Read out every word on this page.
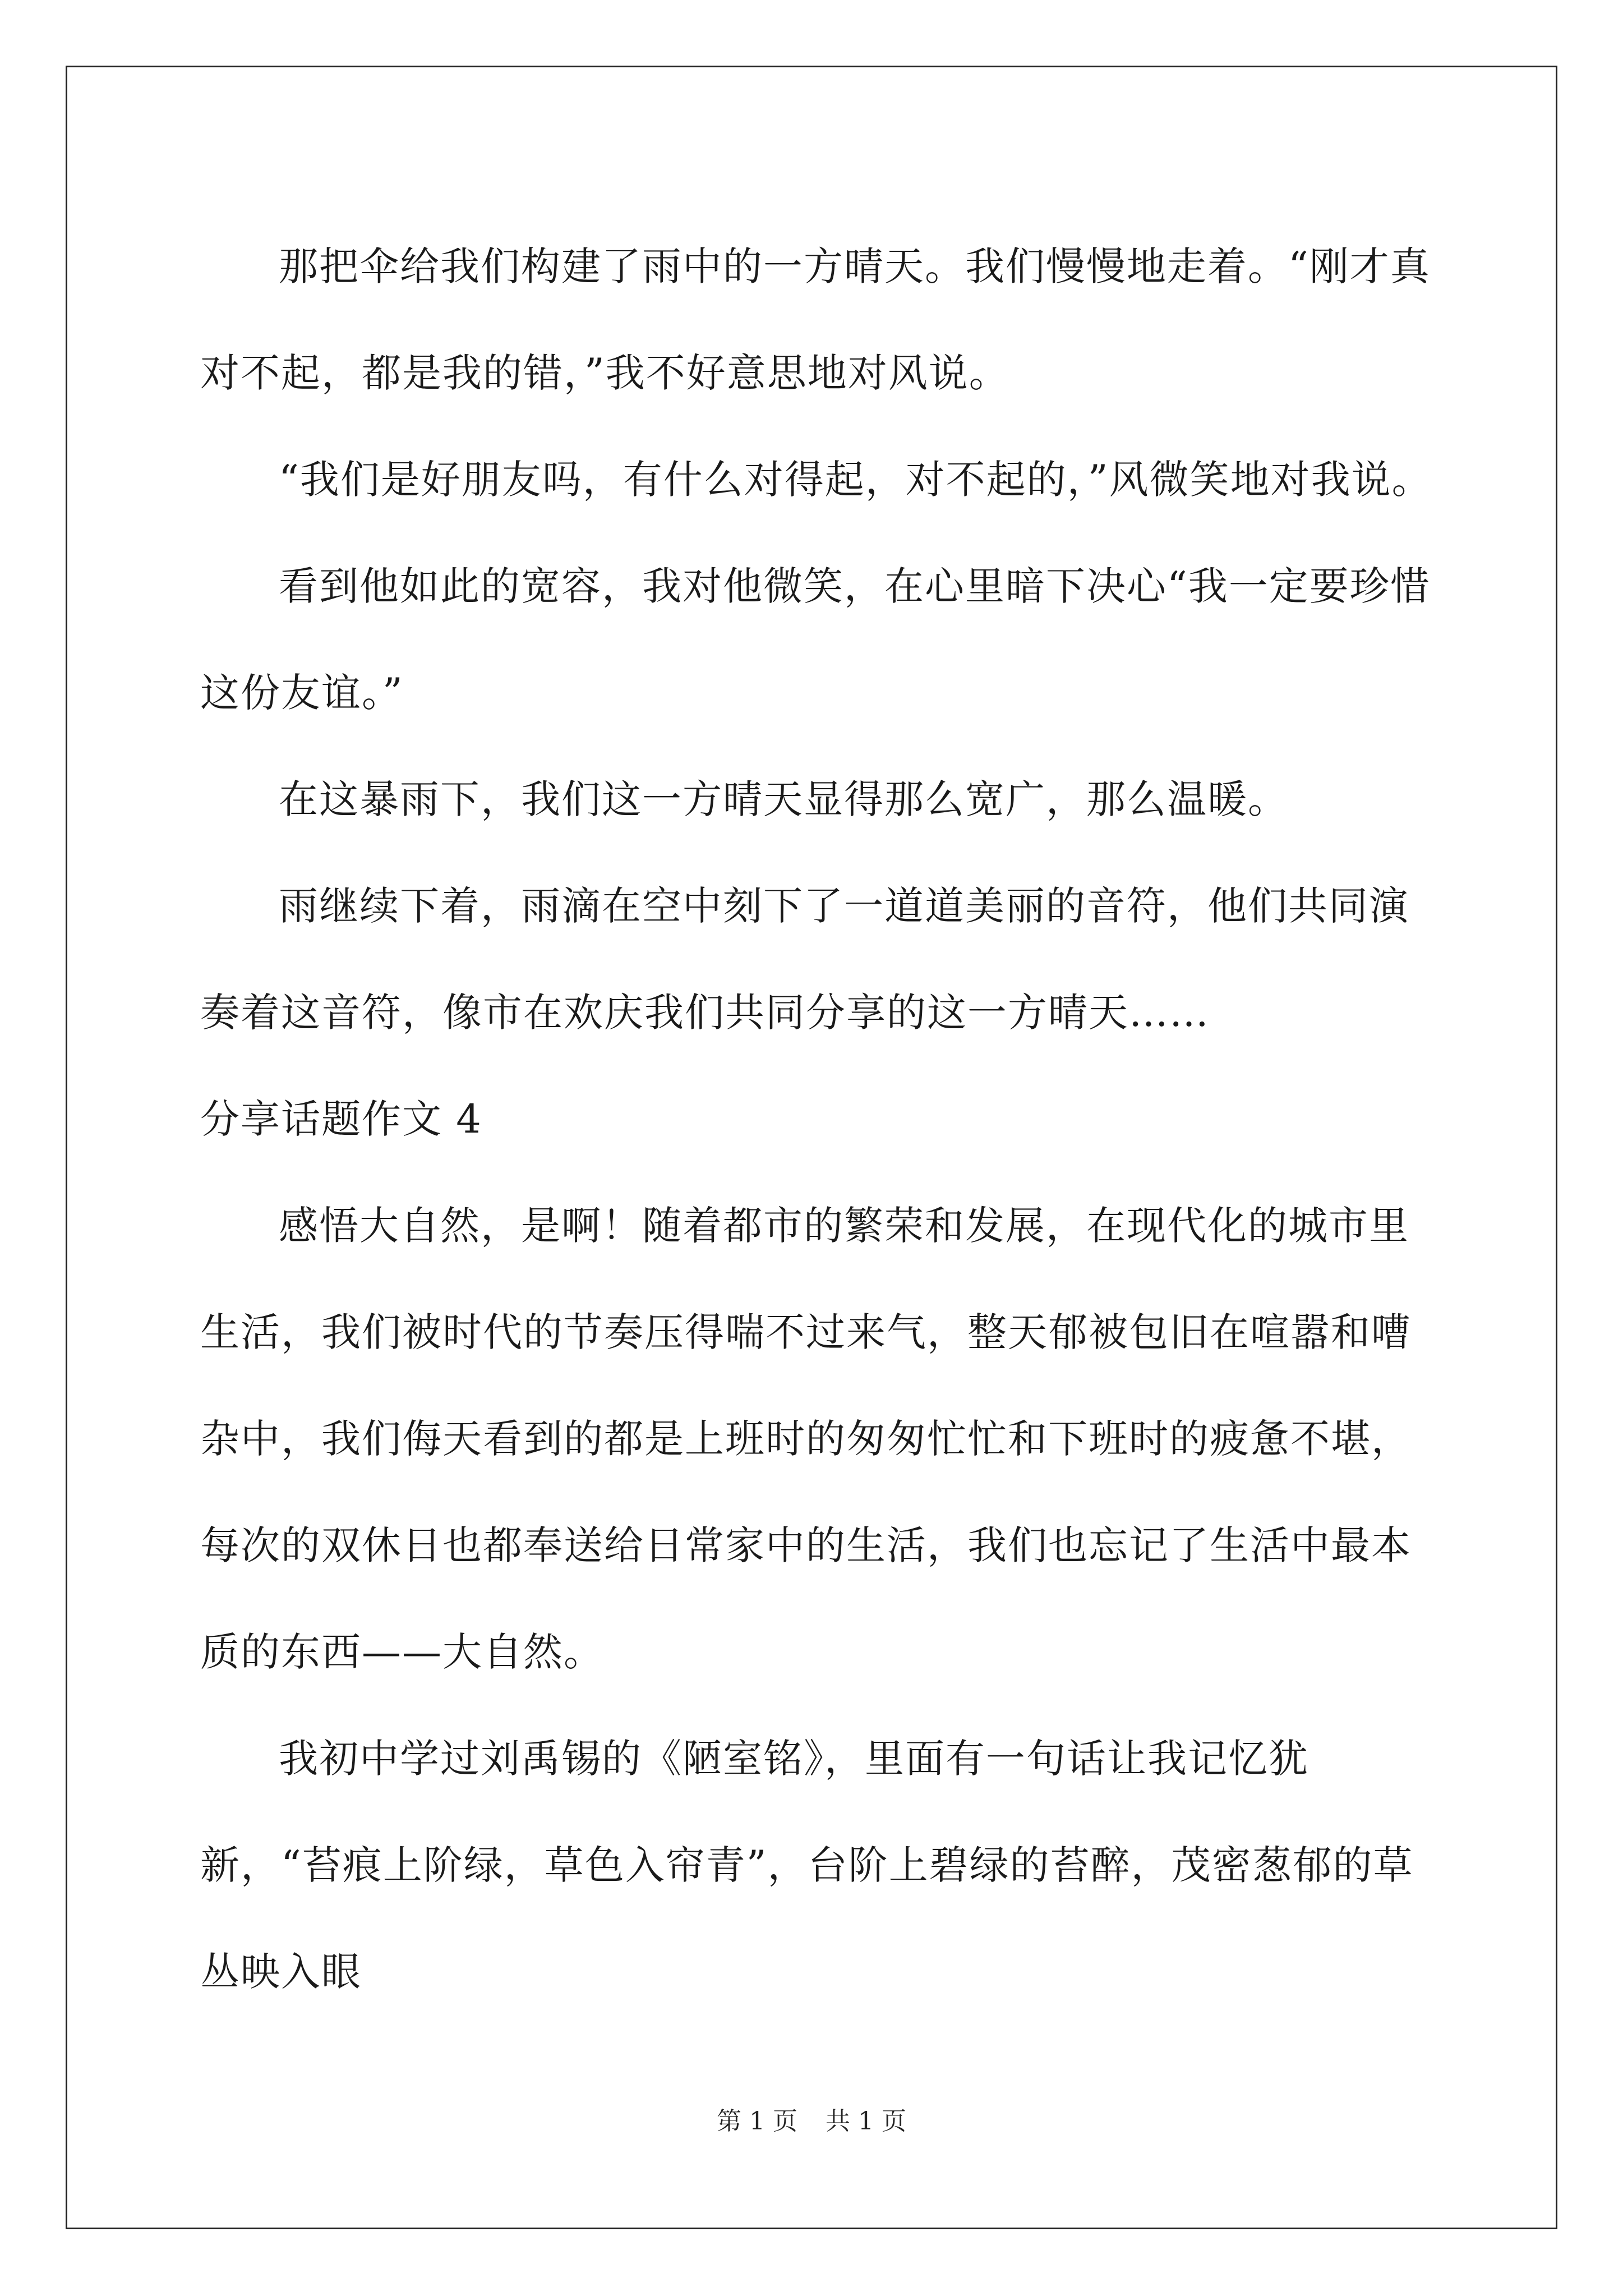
那把伞给我们构建了雨中的一方晴天。我们慢慢地走着。“刚才真对不起，都是我的错，”我不好意思地对风说。

“我们是好朋友吗，有什么对得起，对不起的，”风微笑地对我说。

看到他如此的宽容，我对他微笑，在心里暗下决心“我一定要珍惜这份友谊。”

在这暴雨下，我们这一方晴天显得那么宽广，那么温暖。

雨继续下着，雨滴在空中刻下了一道道美丽的音符，他们共同演奏着这音符，像市在欢庆我们共同分享的这一方晴天……

分享话题作文 4

感悟大自然，是啊！随着都市的繁荣和发展，在现代化的城市里生活，我们被时代的节奏压得喘不过来气，整天郁被包旧在喧嚣和嘈杂中，我们侮天看到的都是上班时的匆匆忙忙和下班时的疲惫不堪，每次的双休日也都奉送给日常家中的生活，我们也忘记了生活中最本质的东西——大自然。

我初中学过刘禹锡的《陋室铭》，里面有一句话让我记忆犹新，“苔痕上阶绿，草色入帘青”，台阶上碧绿的苔醉，茂密葱郁的草丛映入眼

第 1 页 共 1 页
